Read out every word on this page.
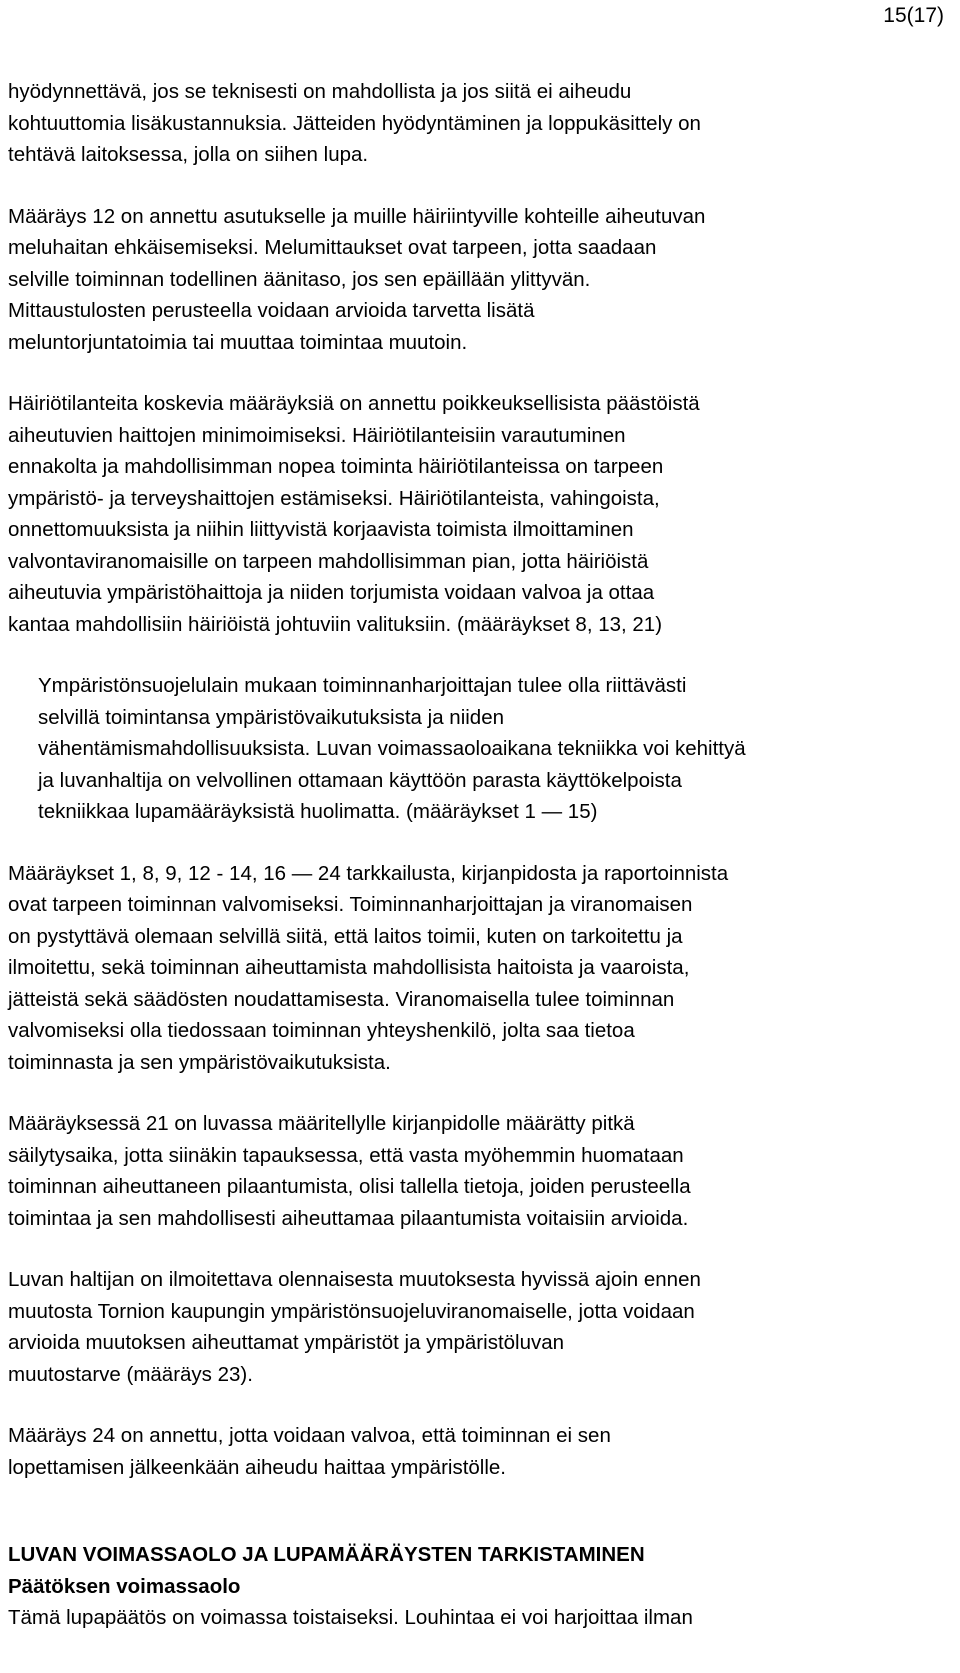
15(17)

hyödynnettävä, jos se teknisesti on mahdollista ja jos siitä ei aiheudu
kohtuuttomia lisäkustannuksia. Jätteiden hyödyntäminen ja loppukäsittely on
tehtävä laitoksessa, jolla on siihen lupa.

Määräys 12 on annettu asutukselle ja muille häiriintyville kohteille aiheutuvan
meluhaitan ehkäisemiseksi. Melumittaukset ovat tarpeen, jotta saadaan
selville toiminnan todellinen äänitaso, jos sen epäillään ylittyvän.
Mittaustulosten perusteella voidaan arvioida tarvetta lisätä
meluntorjuntatoimia tai muuttaa toimintaa muutoin.

Häiriötilanteita koskevia määräyksiä on annettu poikkeuksellisista päästöistä
aiheutuvien haittojen minimoimiseksi. Häiriötilanteisiin varautuminen
ennakolta ja mahdollisimman nopea toiminta häiriötilanteissa on tarpeen
ympäristö- ja terveyshaittojen estämiseksi. Häiriötilanteista, vahingoista,
onnettomuuksista ja niihin liittyvistä korjaavista toimista ilmoittaminen
valvontaviranomaisille on tarpeen mahdollisimman pian, jotta häiriöistä
aiheutuvia ympäristöhaittoja ja niiden torjumista voidaan valvoa ja ottaa
kantaa mahdollisiin häiriöistä johtuviin valituksiin. (määräykset 8, 13, 21)

Ympäristönsuojelulain mukaan toiminnanharjoittajan tulee olla riittävästi
selvillä toimintansa ympäristövaikutuksista ja niiden
vähentämismahdollisuuksista. Luvan voimassaoloaikana tekniikka voi kehittyä
ja luvanhaltija on velvollinen ottamaan käyttöön parasta käyttökelpoista
tekniikkaa lupamääräyksistä huolimatta. (määräykset 1 — 15)

Määräykset 1, 8, 9, 12 - 14, 16 — 24 tarkkailusta, kirjanpidosta ja raportoinnista
ovat tarpeen toiminnan valvomiseksi. Toiminnanharjoittajan ja viranomaisen
on pystyttävä olemaan selvillä siitä, että laitos toimii, kuten on tarkoitettu ja
ilmoitettu, sekä toiminnan aiheuttamista mahdollisista haitoista ja vaaroista,
jätteistä sekä säädösten noudattamisesta. Viranomaisella tulee toiminnan
valvomiseksi olla tiedossaan toiminnan yhteyshenkilö, jolta saa tietoa
toiminnasta ja sen ympäristövaikutuksista.

Määräyksessä 21 on luvassa määritellylle kirjanpidolle määrätty pitkä
säilytysaika, jotta siinäkin tapauksessa, että vasta myöhemmin huomataan
toiminnan aiheuttaneen pilaantumista, olisi tallella tietoja, joiden perusteella
toimintaa ja sen mahdollisesti aiheuttamaa pilaantumista voitaisiin arvioida.

Luvan haltijan on ilmoitettava olennaisesta muutoksesta hyvissä ajoin ennen
muutosta Tornion kaupungin ympäristönsuojeluviranomaiselle, jotta voidaan
arvioida muutoksen aiheuttamat ympäristöt ja ympäristöluvan
muutostarve (määräys 23).

Määräys 24 on annettu, jotta voidaan valvoa, että toiminnan ei sen
lopettamisen jälkeenkään aiheudu haittaa ympäristölle.

LUVAN VOIMASSAOLO JA LUPAMÄÄRÄYSTEN TARKISTAMINEN

Päätöksen voimassaolo

Tämä lupapäätös on voimassa toistaiseksi. Louhintaa ei voi harjoittaa ilman
